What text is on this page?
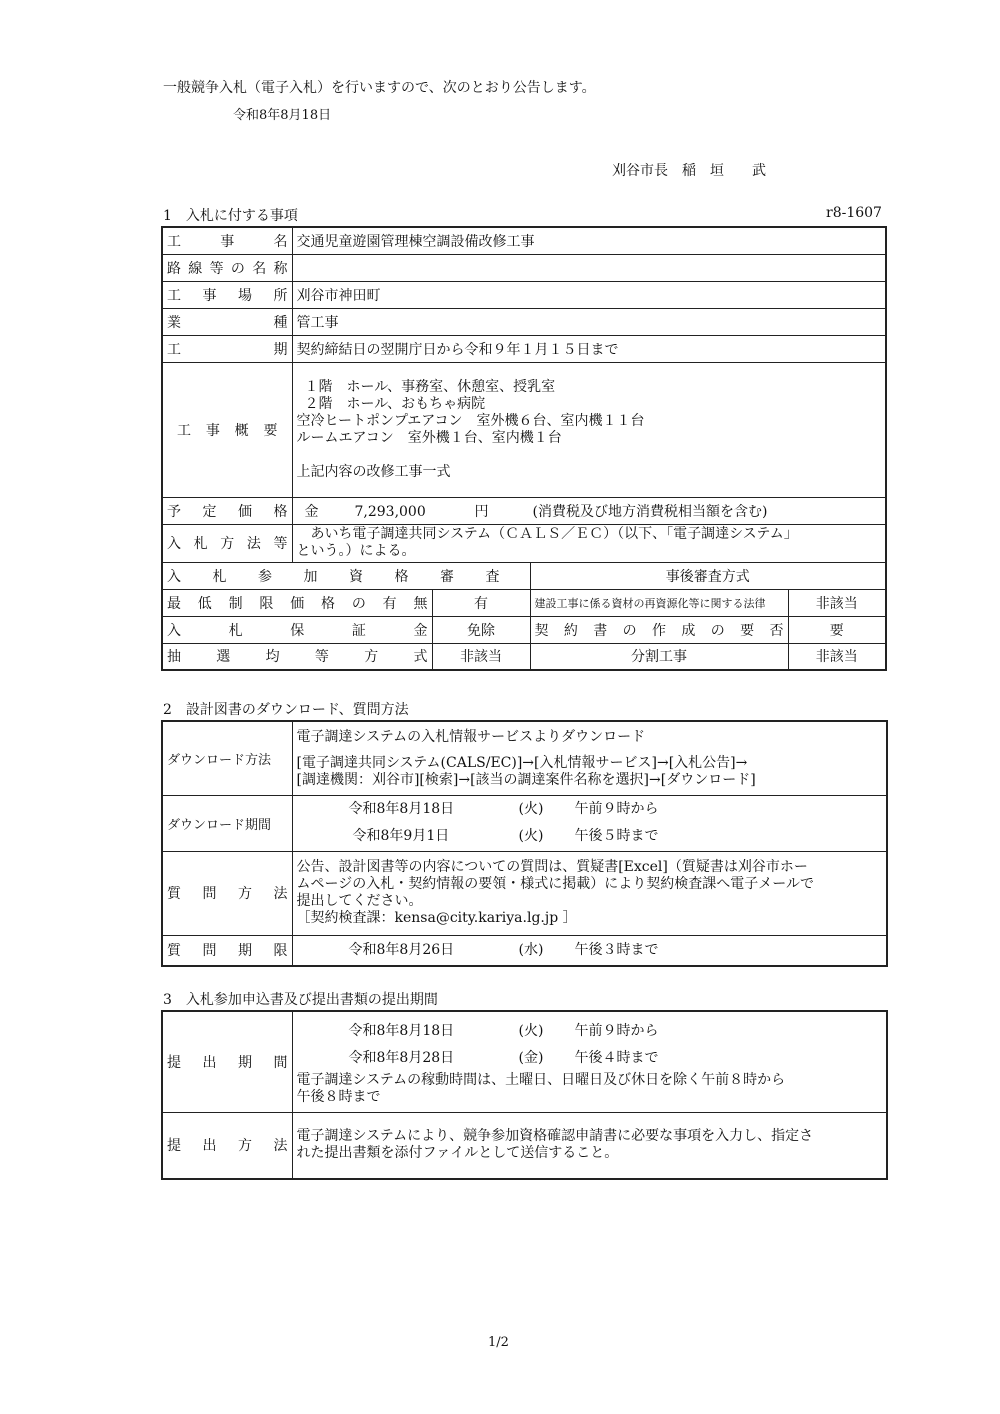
一般競争入札（電子入札）を行いますので、次のとおり公告します。
令和8年8月18日
刈谷市長　稲　垣　　武
1　入札に付する事項	r8-1607
工事名	交通児童遊園管理棟空調設備改修工事			
路線等の名称				
工事場所	刈谷市神田町			
業種	管工事			
工期	契約締結日の翌開庁日から令和９年１月１５日まで			
工事概要	１階　ホール、事務室、休憩室、授乳室
２階　ホール、おもちゃ病院
空冷ヒートポンプエアコン　室外機６台、室内機１１台
ルームエアコン　室外機１台、室内機１台

上記内容の改修工事一式			

予定価格	金 7,293,000 円 (消費税及び地方消費税相当額を含む)			
入札方法等	あいち電子調達共同システム（ＣＡＬＳ／ＥＣ）（以下、「電子調達システム」
という。）による。			

入札参加資格審査			事後審査方式	
最低制限価格の有無		有	建設工事に係る資材の再資源化等に関する法律	非該当
入札保証金		免除	契約書の作成の要否	要
抽選均等方式		非該当	分割工事	非該当
2　設計図書のダウンロード、質問方法
ダウンロード方法	電子調達システムの入札情報サービスよりダウンロード
[電子調達共同システム(CALS/EC)]→[入札情報サービス]→[入札公告]→
[調達機関：刈谷市][検索]→[該当の調達案件名称を選択]→[ダウンロード]

ダウンロード期間	令和8年8月18日 (火) 午前９時から
令和8年9月1日 (火) 午後５時まで

質問方法	公告、設計図書等の内容についての質問は、質疑書[Excel]（質疑書は刈谷市ホー
ムページの入札・契約情報の要領・様式に掲載）により契約検査課へ電子メールで
提出してください。
［契約検査課：kensa@city.kariya.lg.jp ］

質問期限	令和8年8月26日 (水) 午後３時まで
3　入札参加申込書及び提出書類の提出期間
提出期間	令和8年8月18日 (火) 午前９時から
令和8年8月28日 (金) 午後４時まで
電子調達システムの稼動時間は、土曜日、日曜日及び休日を除く午前８時から
午後８時まで

提出方法	電子調達システムにより、競争参加資格確認申請書に必要な事項を入力し、指定さ
れた提出書類を添付ファイルとして送信すること。
1/2
